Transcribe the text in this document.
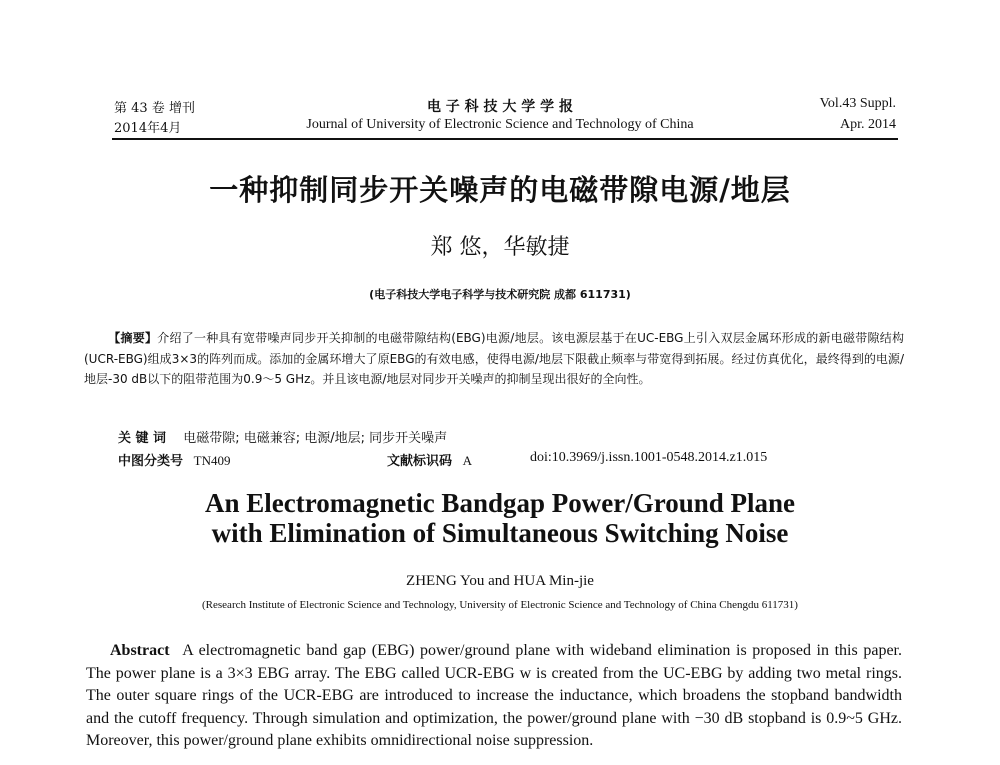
第 43 卷 增刊
2014年4月
电 子 科 技 大 学 学 报
Journal of University of Electronic Science and Technology of China
Vol.43 Suppl.
Apr. 2014
一种抑制同步开关噪声的电磁带隙电源/地层
郑 悠，华敏捷
(电子科技大学电子科学与技术研究院 成都 611731)
  【摘要】介绍了一种具有宽带噪声同步开关抑制的电磁带隙结构(EBG)电源/地层。该电源层基于在UC-EBG上引入双层金属环形成的新电磁带隙结构(UCR-EBG)组成3×3的阵列而成。添加的金属环增大了原EBG的有效电感，使得电源/地层下限截止频率与带宽得到拓展。经过仿真优化，最终得到的电源/地层-30 dB以下的阻带范围为0.9～5 GHz。并且该电源/地层对同步开关噪声的抑制呈现出很好的全向性。
关 键 词  电磁带隙; 电磁兼容; 电源/地层; 同步开关噪声
中图分类号  TN409	文献标识码  A	doi:10.3969/j.issn.1001-0548.2014.z1.015
An Electromagnetic Bandgap Power/Ground Plane
with Elimination of Simultaneous Switching Noise
ZHENG You and HUA Min-jie
(Research Institute of Electronic Science and Technology, University of Electronic Science and Technology of China Chengdu 611731)
  Abstract  A electromagnetic band gap (EBG) power/ground plane with wideband elimination is proposed in this paper. The power plane is a 3×3 EBG array. The EBG called UCR-EBG w is created from the UC-EBG by adding two metal rings. The outer square rings of the UCR-EBG are introduced to increase the inductance, which broadens the stopband bandwidth and the cutoff frequency. Through simulation and optimization, the power/ground plane with −30 dB stopband is 0.9~5 GHz. Moreover, this power/ground plane exhibits omnidirectional noise suppression.
